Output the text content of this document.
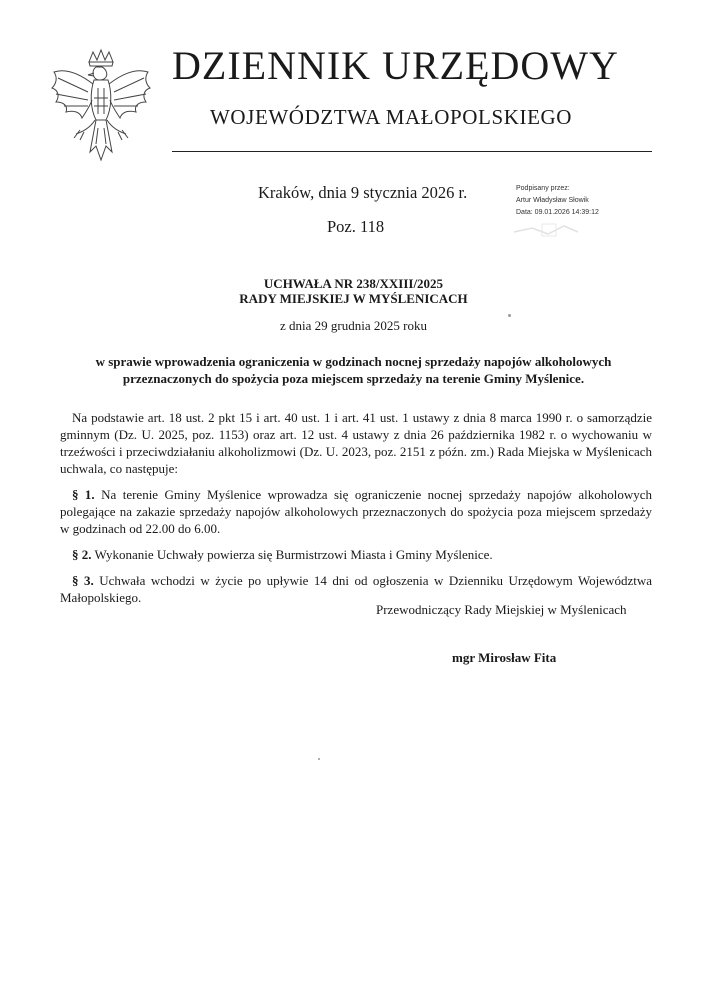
DZIENNIK URZĘDOWY
WOJEWÓDZTWA MAŁOPOLSKIEGO
Kraków, dnia 9 stycznia 2026 r.
Poz. 118
Podpisany przez:
Artur Władysław Słowik
Data: 09.01.2026 14:39:12
UCHWAŁA NR 238/XXIII/2025
RADY MIEJSKIEJ W MYŚLENICACH
z dnia 29 grudnia 2025 roku
w sprawie wprowadzenia ograniczenia w godzinach nocnej sprzedaży napojów alkoholowych
przeznaczonych do spożycia poza miejscem sprzedaży na terenie Gminy Myślenice.

Na podstawie art. 18 ust. 2 pkt 15 i art. 40 ust. 1 i art. 41 ust. 1 ustawy z dnia 8 marca 1990 r. o samorządzie gminnym (Dz. U. 2025, poz. 1153) oraz art. 12 ust. 4 ustawy z dnia 26 października 1982 r. o wychowaniu w trzeźwości i przeciwdziałaniu alkoholizmowi (Dz. U. 2023, poz. 2151 z późn. zm.) Rada Miejska w Myślenicach uchwala, co następuje:

§ 1. Na terenie Gminy Myślenice wprowadza się ograniczenie nocnej sprzedaży napojów alkoholowych polegające na zakazie sprzedaży napojów alkoholowych przeznaczonych do spożycia poza miejscem sprzedaży w godzinach od 22.00 do 6.00.

§ 2. Wykonanie Uchwały powierza się Burmistrzowi Miasta i Gminy Myślenice.

§ 3. Uchwała wchodzi w życie po upływie 14 dni od ogłoszenia w Dzienniku Urzędowym Województwa Małopolskiego.

Przewodniczący Rady Miejskiej w Myślenicach
mgr Mirosław Fita
